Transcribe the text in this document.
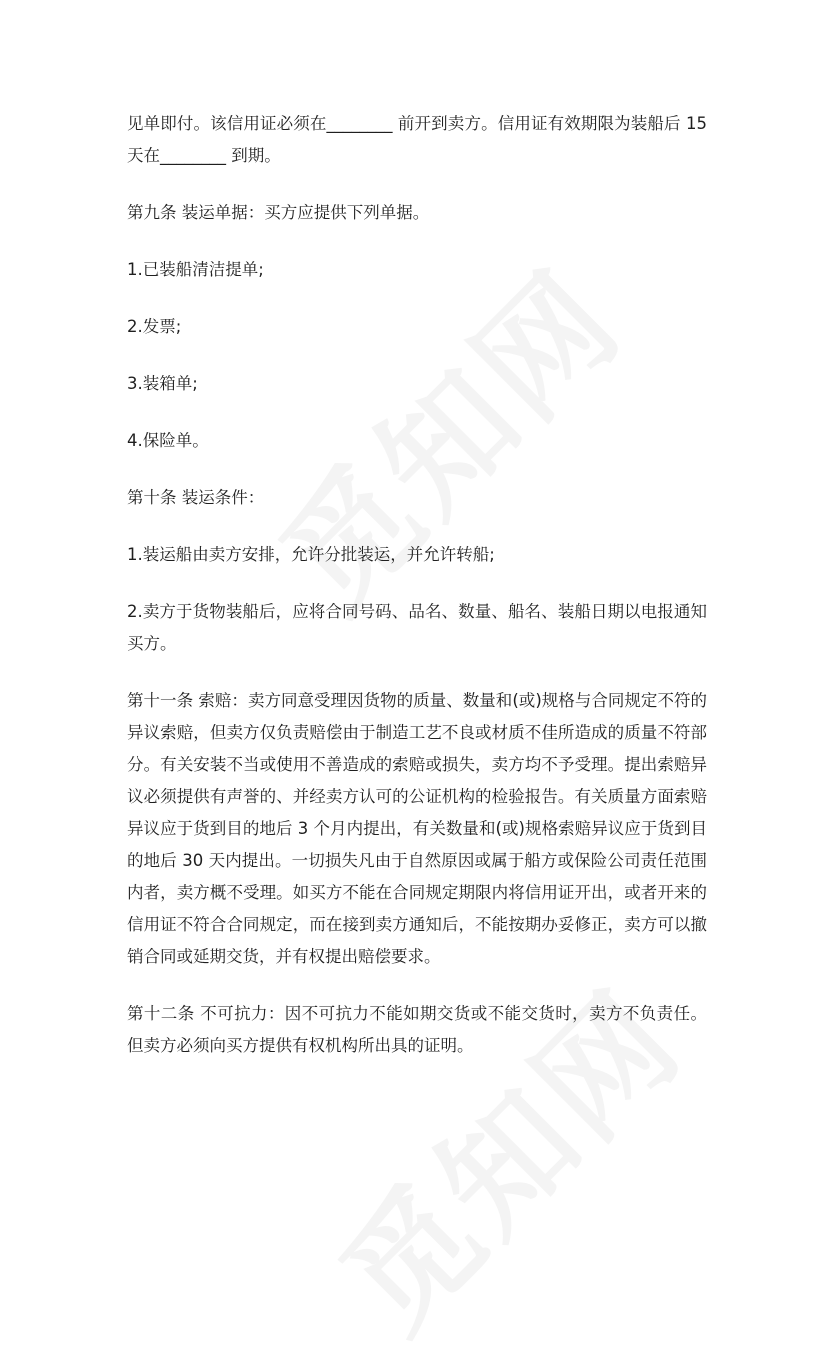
见单即付。该信用证必须在________ 前开到卖方。信用证有效期限为装船后 15 天在________ 到期。

第九条 装运单据：买方应提供下列单据。

1.已装船清洁提单;

2.发票;

3.装箱单;

4.保险单。

第十条 装运条件：

1.装运船由卖方安排，允许分批装运，并允许转船;

2.卖方于货物装船后，应将合同号码、品名、数量、船名、装船日期以电报通知买方。

第十一条 索赔：卖方同意受理因货物的质量、数量和(或)规格与合同规定不符的异议索赔，但卖方仅负责赔偿由于制造工艺不良或材质不佳所造成的质量不符部分。有关安装不当或使用不善造成的索赔或损失，卖方均不予受理。提出索赔异议必须提供有声誉的、并经卖方认可的公证机构的检验报告。有关质量方面索赔异议应于货到目的地后 3 个月内提出，有关数量和(或)规格索赔异议应于货到目的地后 30 天内提出。一切损失凡由于自然原因或属于船方或保险公司责任范围内者，卖方概不受理。如买方不能在合同规定期限内将信用证开出，或者开来的信用证不符合合同规定，而在接到卖方通知后，不能按期办妥修正，卖方可以撤销合同或延期交货，并有权提出赔偿要求。

第十二条 不可抗力：因不可抗力不能如期交货或不能交货时，卖方不负责任。但卖方必须向买方提供有权机构所出具的证明。
